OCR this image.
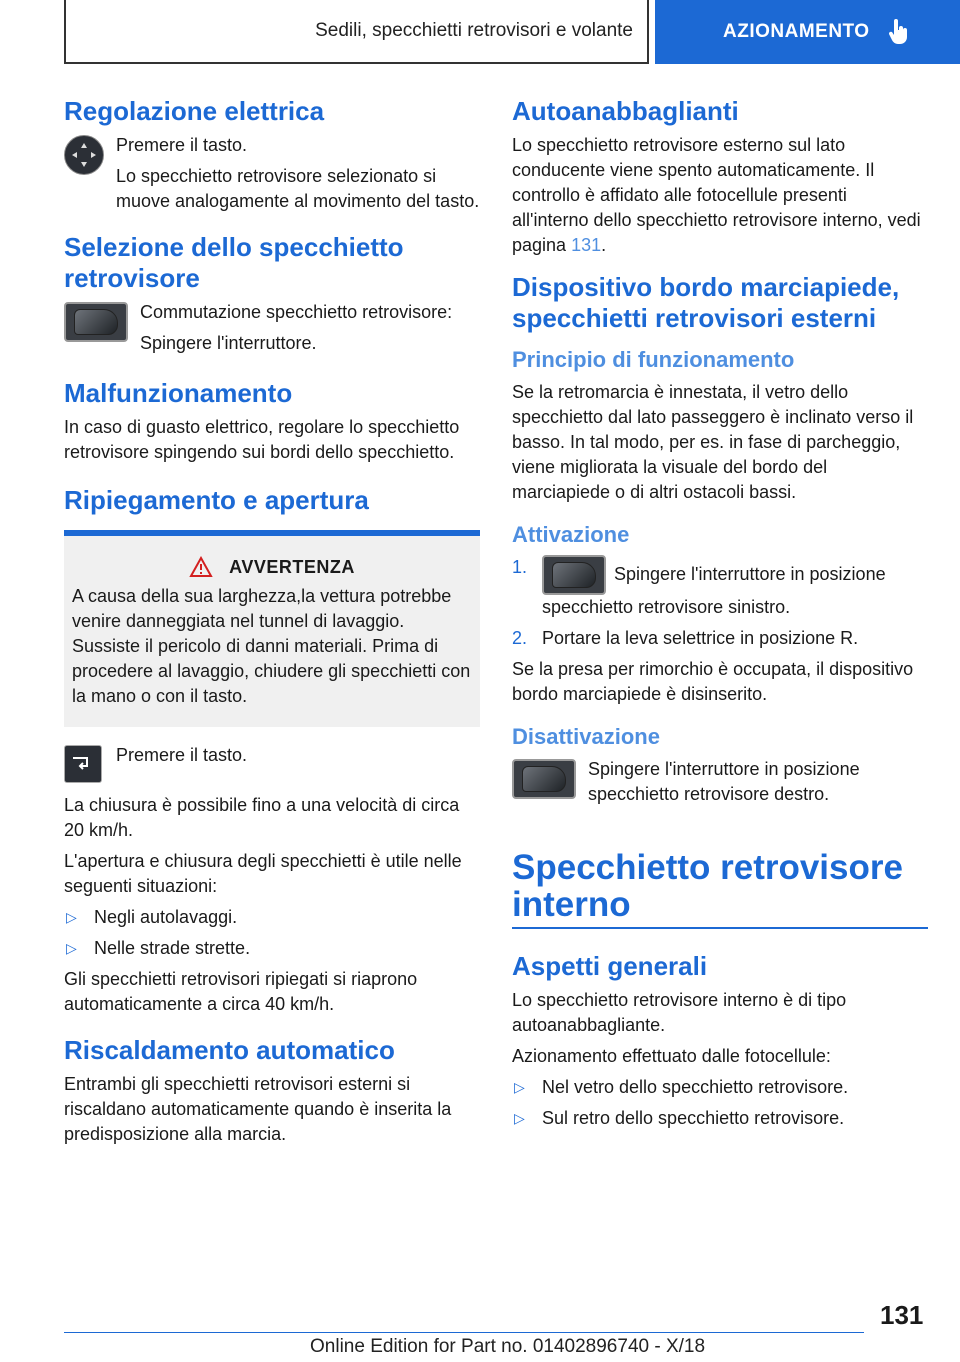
Sedili, specchietti retrovisori e volante	AZIONAMENTO
Regolazione elettrica

Premere il tasto.

Lo specchietto retrovisore selezionato si muove analogamente al movimento del tasto.

Selezione dello specchietto retrovisore

Commutazione specchietto retrovisore:

Spingere l'interruttore.

Malfunzionamento

In caso di guasto elettrico, regolare lo specchietto retrovisore spingendo sui bordi dello specchietto.

Ripiegamento e apertura
AVVERTENZA

A causa della sua larghezza,la vettura potrebbe venire danneggiata nel tunnel di lavaggio. Sussiste il pericolo di danni materiali. Prima di procedere al lavaggio, chiudere gli specchietti con la mano o con il tasto.

Premere il tasto.

La chiusura è possibile fino a una velocità di circa 20 km/h.

L'apertura e chiusura degli specchietti è utile nelle seguenti situazioni:

▷ Negli autolavaggi.
▷ Nelle strade strette.

Gli specchietti retrovisori ripiegati si riaprono automaticamente a circa 40 km/h.

Riscaldamento automatico

Entrambi gli specchietti retrovisori esterni si riscaldano automaticamente quando è inserita la predisposizione alla marcia.

Autoanabbaglianti

Lo specchietto retrovisore esterno sul lato conducente viene spento automaticamente. Il controllo è affidato alle fotocellule presenti all'interno dello specchietto retrovisore interno, vedi pagina 131.

Dispositivo bordo marciapiede, specchietti retrovisori esterni
Principio di funzionamento

Se la retromarcia è innestata, il vetro dello specchietto dal lato passeggero è inclinato verso il basso. In tal modo, per es. in fase di parcheggio, viene migliorata la visuale del bordo del marciapiede o di altri ostacoli bassi.

Attivazione
1.	Spingere l'interruttore in posizione specchietto retrovisore sinistro.
2. Portare la leva selettrice in posizione R.

Se la presa per rimorchio è occupata, il dispositivo bordo marciapiede è disinserito.

Disattivazione

Spingere l'interruttore in posizione specchietto retrovisore destro.

Specchietto retrovisore interno
Aspetti generali

Lo specchietto retrovisore interno è di tipo autoanabbagliante.

Azionamento effettuato dalle fotocellule:

▷ Nel vetro dello specchietto retrovisore.
▷ Sul retro dello specchietto retrovisore.
131
Online Edition for Part no. 01402896740 - X/18
